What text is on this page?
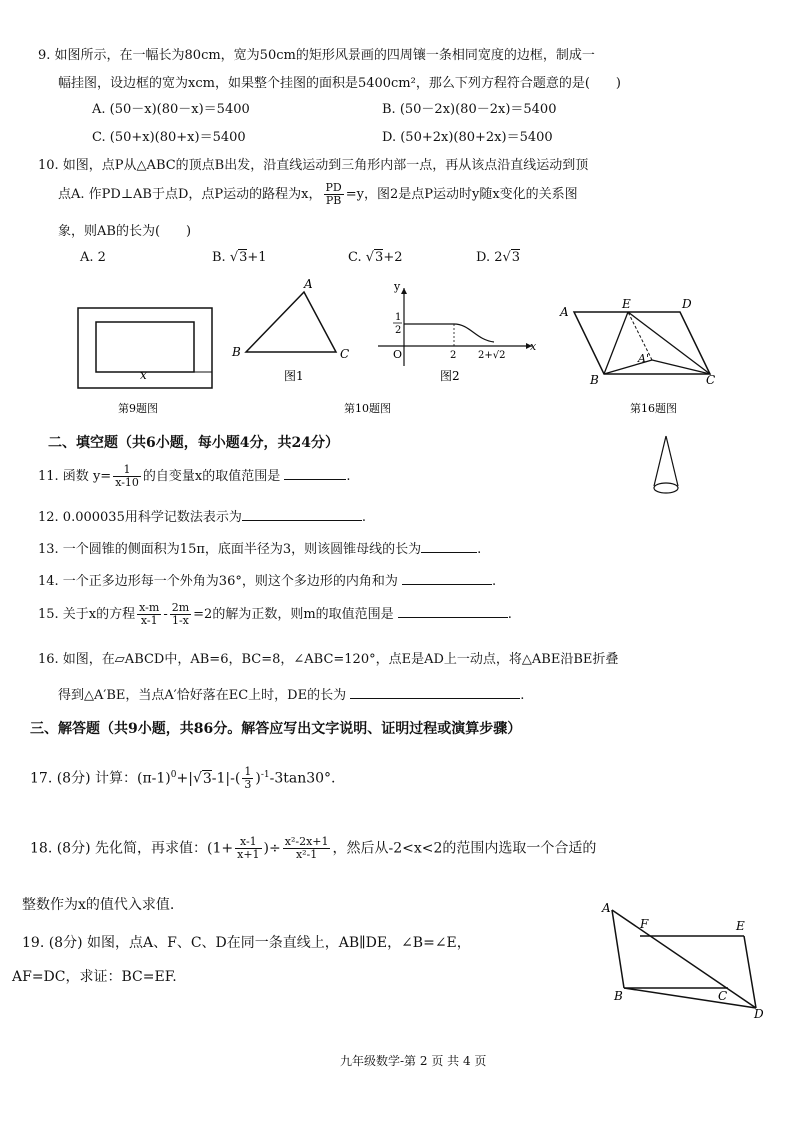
9. 如图所示，在一幅长为80cm，宽为50cm的矩形风景画的四周镶一条相同宽度的边框，制成一
幅挂图，设边框的宽为xcm，如果整个挂图的面积是5400cm²，那么下列方程符合题意的是(　　)
A. (50－x)(80－x)＝5400	B. (50－2x)(80－2x)＝5400
C. (50+x)(80+x)＝5400	D. (50+2x)(80+2x)＝5400
10. 如图，点P从△ABC的顶点B出发，沿直线运动到三角形内部一点，再从该点沿直线运动到顶
点A. 作PD⊥AB于点D，点P运动的路程为x， $\frac{PD}{PB} =y$，图2是点P运动时y随x变化的关系图
象，则AB的长为(　　)
A. 2	B. √3+1	C. √3+2	D. 2√3
x
第9题图
A
B	C
图1
y
x
O
1
2
2 2+√2
图2
第10题图
A
E	D
A'
B	C
第16题图
二、填空题（共6小题，每小题4分，共24分）
11. 函数 $y= \frac{1}{x-10}$ 的自变量x的取值范围是	.
12. 0.000035用科学记数法表示为	.
13. 一个圆锥的侧面积为15π，底面半径为3，则该圆锥母线的长为	.
14. 一个正多边形每一个外角为36°，则这个多边形的内角和为	.
15. 关于x的方程 $\frac{x-m}{x-1} - \frac{2m}{1-x} =2$的解为正数，则m的取值范围是	.
16. 如图，在▱ABCD中，AB=6，BC=8，∠ABC=120°，点E是AD上一动点，将△ABE沿BE折叠
得到△A′BE，当点A′恰好落在EC上时，DE的长为	.
三、解答题（共9小题，共86分。解答应写出文字说明、证明过程或演算步骤）
17. (8分) 计算：$(\pi-1)^0+|√3-1|-( \frac{1}{3} )^{-1}-3\tan 30^\circ$.
18. (8分) 先化简，再求值：($1+ \frac{x-1}{x+1}$ )÷ $\frac{\text{x²-2x+1}}{\text{x²-1}}$ ，然后从-2<x<2的范围内选取一个合适的
整数作为x的值代入求值.
19. (8分) 如图，点A、F、C、D在同一条直线上，AB∥DE，∠B=∠E，
AF=DC，求证：BC=EF.
A
F	E
B	C
D
九年级数学-第 2 页 共 4 页
